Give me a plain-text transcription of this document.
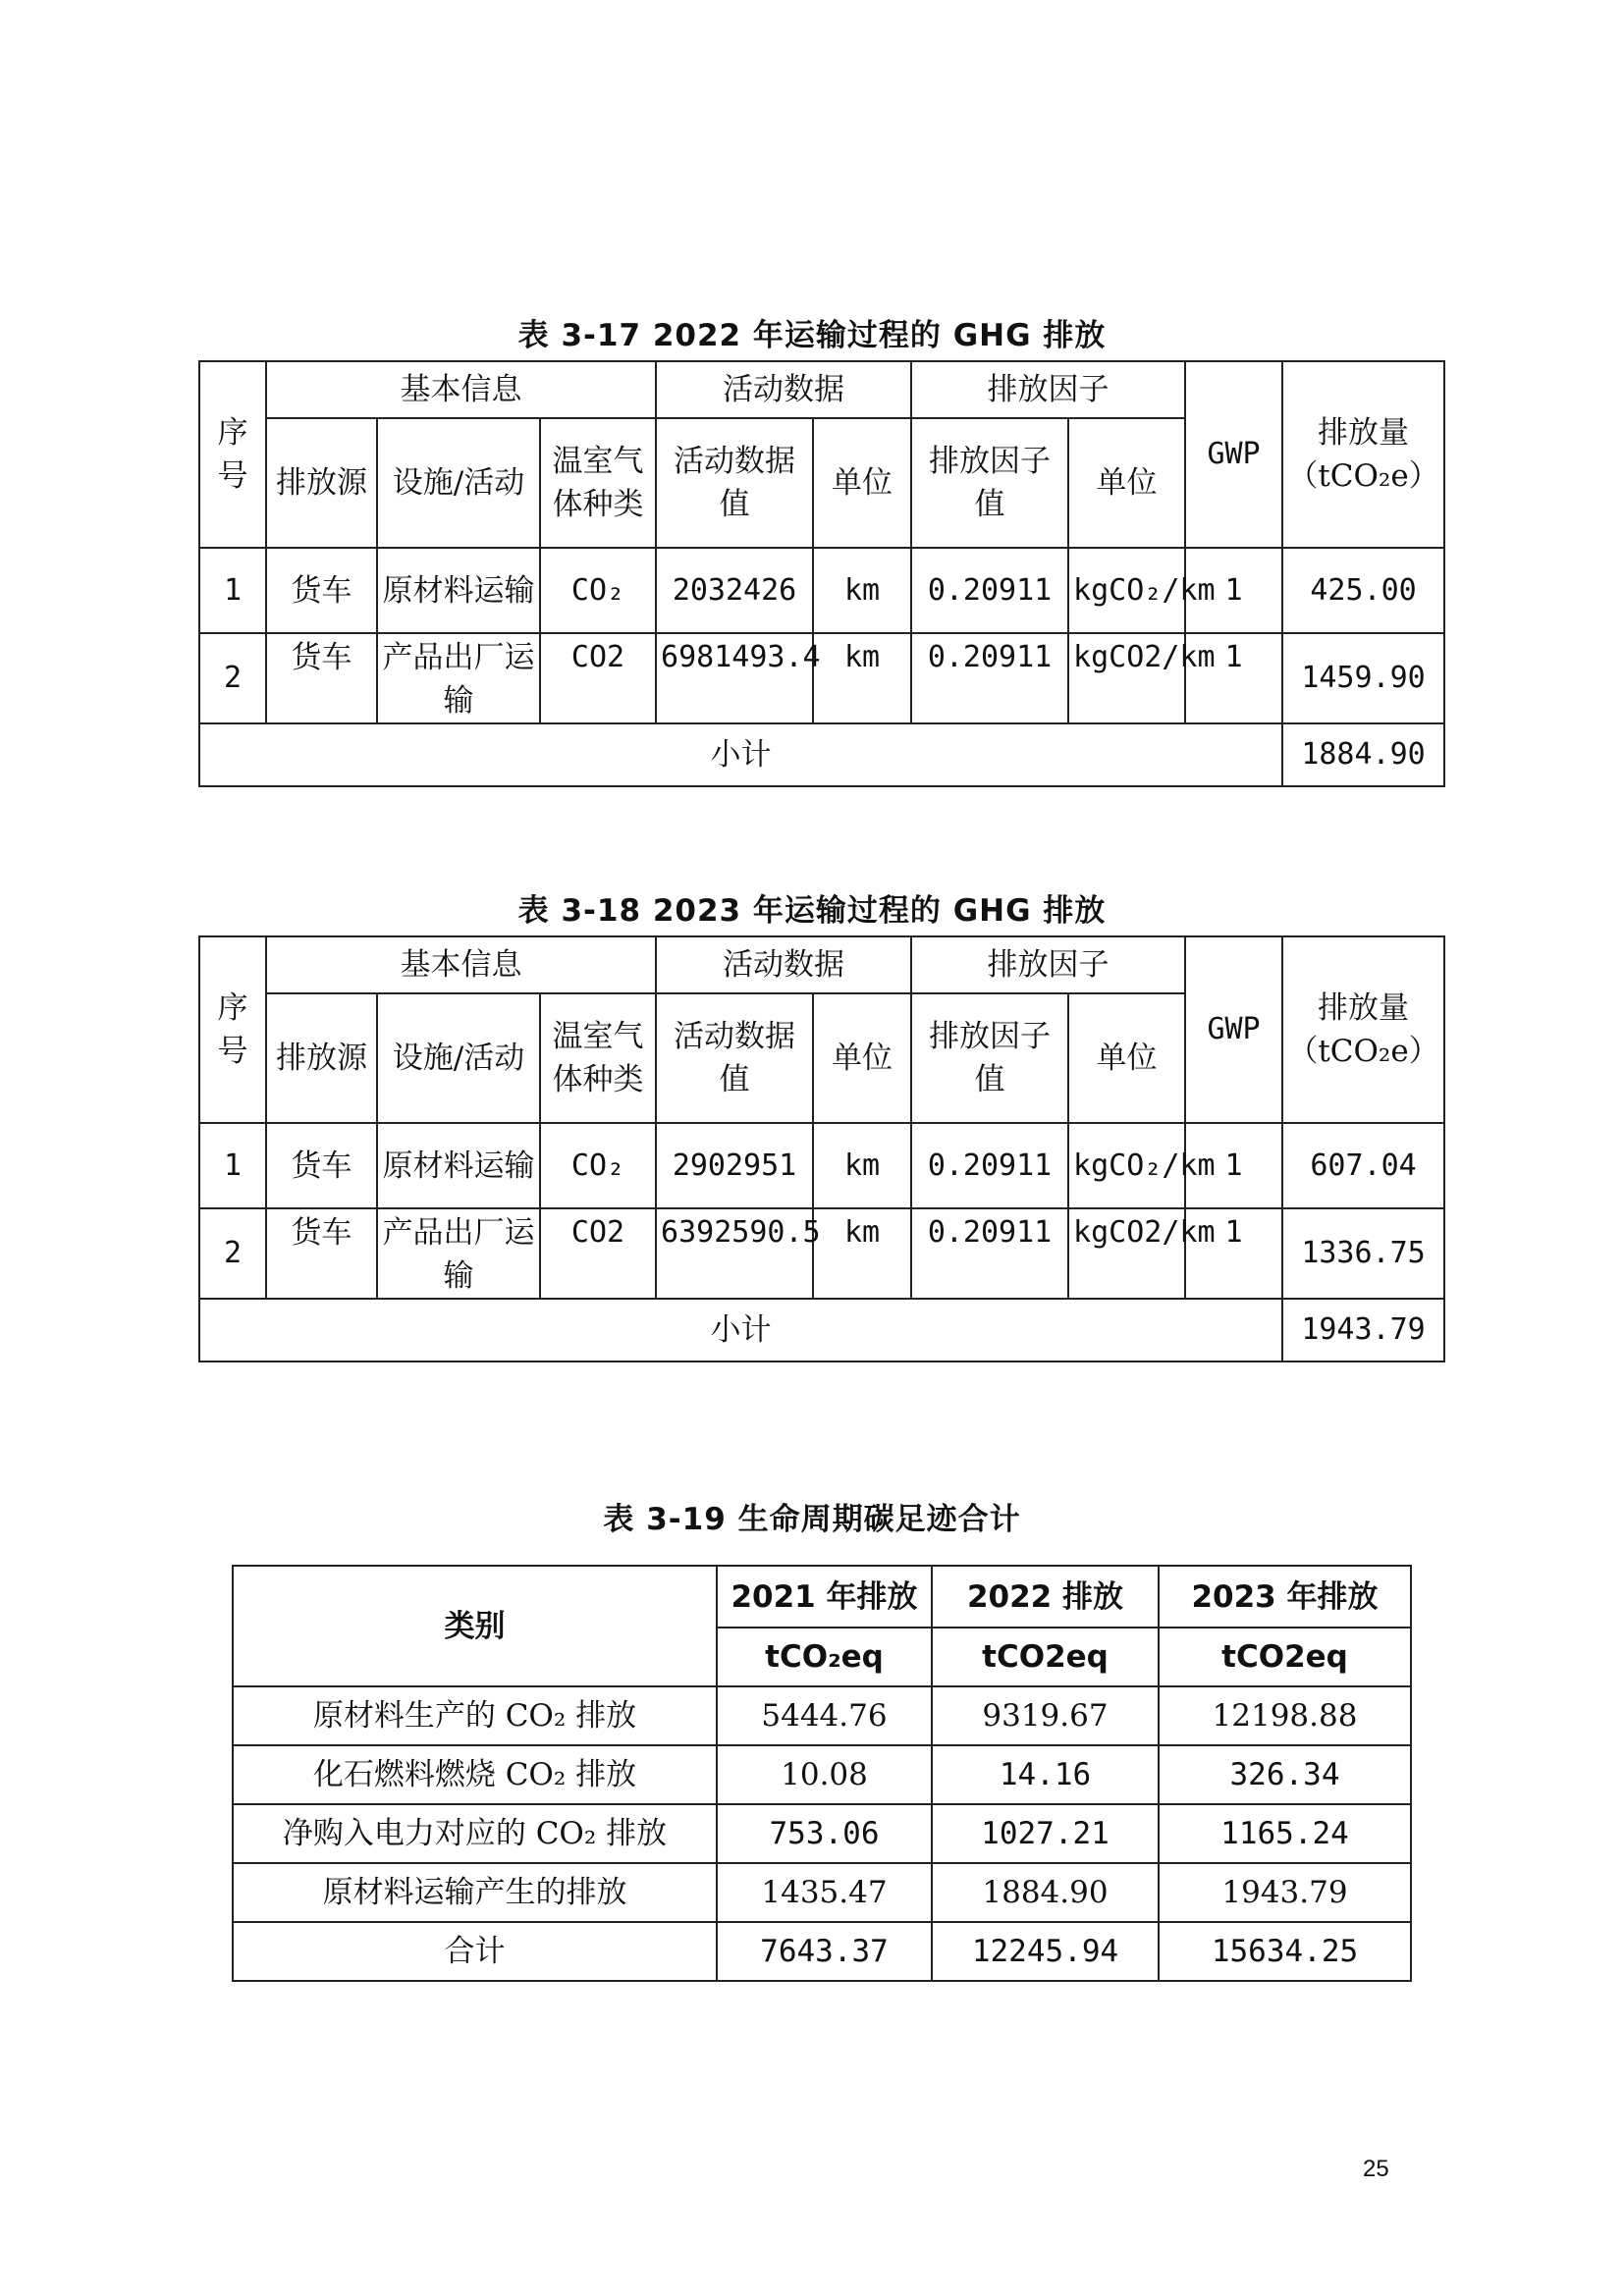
表 3-17 2022 年运输过程的 GHG 排放
序号	基本信息			活动数据		排放因子		GWP	排放量（tCO₂e）
	排放源	设施/活动	温室气体种类	活动数据值	单位	排放因子值	单位		
1	货车	原材料运输	CO₂	2032426	km	0.20911	kgCO₂/km	1	425.00
2	货车	产品出厂运输	CO2	6981493.4	km	0.20911	kgCO2/km	1	1459.90
小计									1884.90
表 3-18 2023 年运输过程的 GHG 排放
序号	基本信息			活动数据		排放因子		GWP	排放量（tCO₂e）
	排放源	设施/活动	温室气体种类	活动数据值	单位	排放因子值	单位		
1	货车	原材料运输	CO₂	2902951	km	0.20911	kgCO₂/km	1	607.04
2	货车	产品出厂运输	CO2	6392590.5	km	0.20911	kgCO2/km	1	1336.75
小计									1943.79
表 3-19 生命周期碳足迹合计
类别	2021 年排放	2022 排放	2023 年排放
	tCO₂eq	tCO2eq	tCO2eq
原材料生产的 CO₂ 排放	5444.76	9319.67	12198.88
化石燃料燃烧 CO₂ 排放	10.08	14.16	326.34
净购入电力对应的 CO₂ 排放	753.06	1027.21	1165.24
原材料运输产生的排放	1435.47	1884.90	1943.79
合计	7643.37	12245.94	15634.25
25
